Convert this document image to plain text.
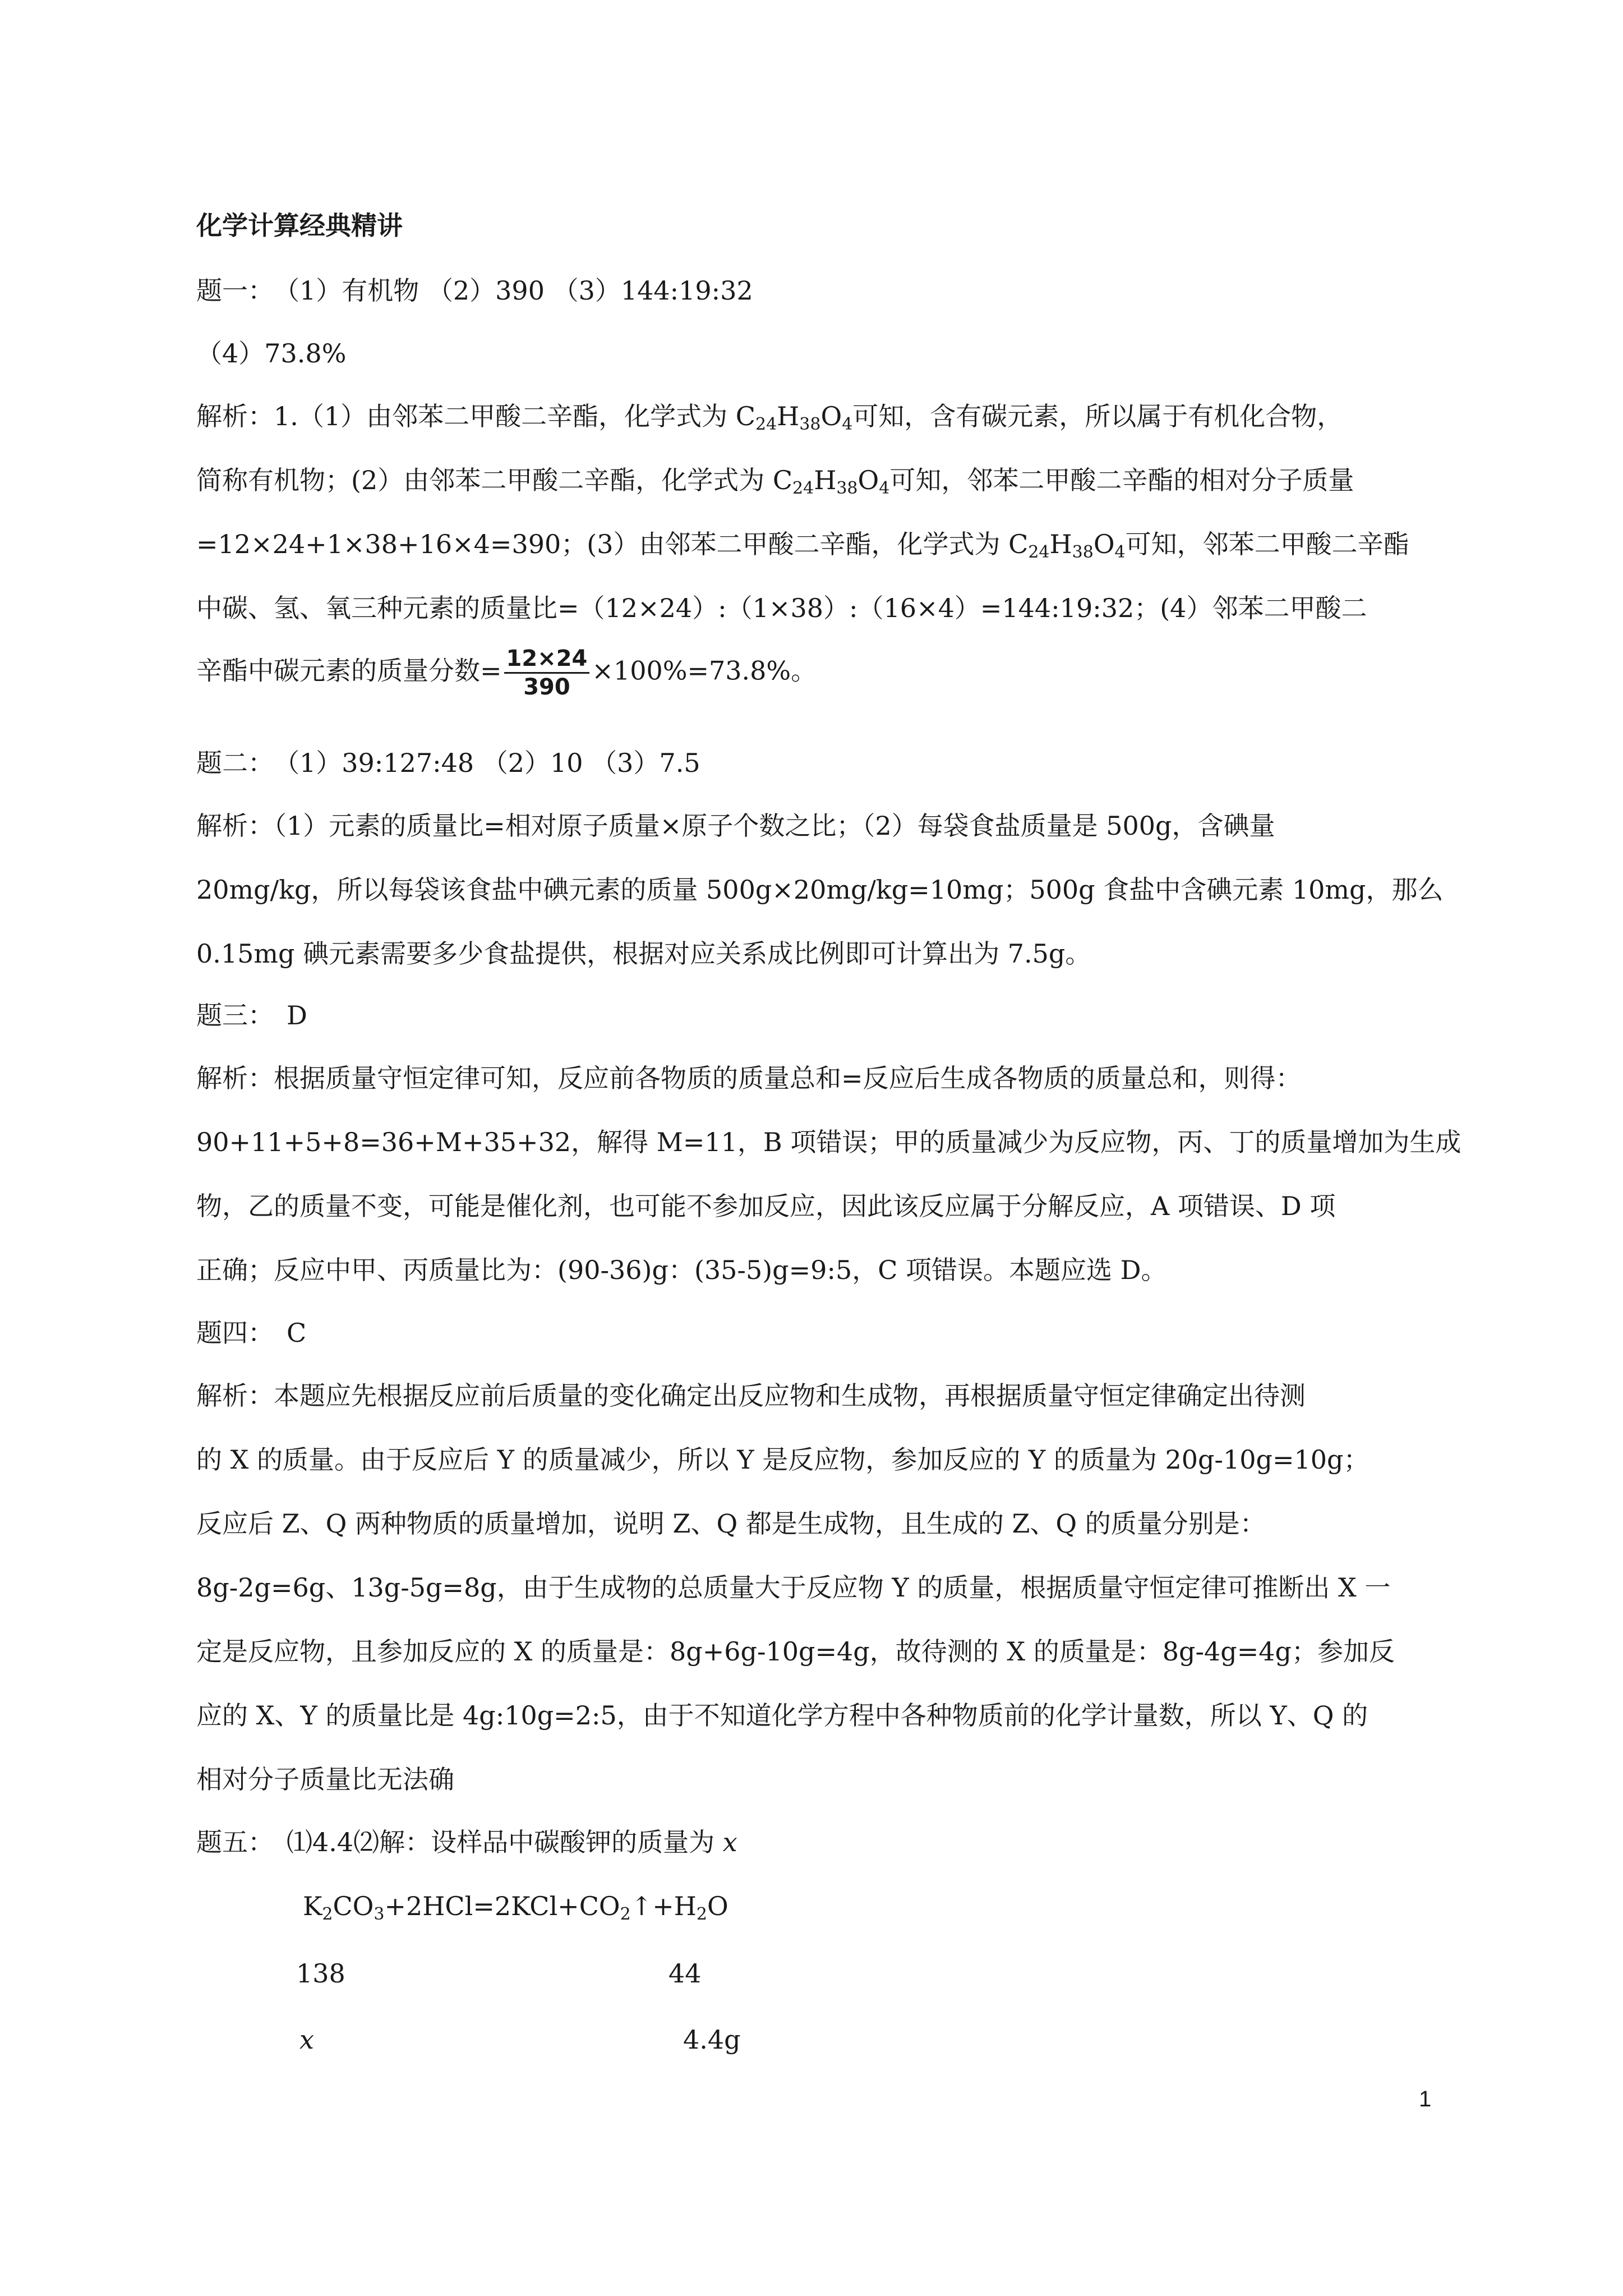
化学计算经典精讲
题一：　（1）有机物 （2）390 （3）144:19:32
（4）73.8%
解析：1.（1）由邻苯二甲酸二辛酯，化学式为 $C_{24}H_{38}O_4$可知，含有碳元素，所以属于有机化合物，
简称有机物；(2）由邻苯二甲酸二辛酯，化学式为 $C_{24}H_{38}O_4$可知，邻苯二甲酸二辛酯的相对分子质量
=12×24+1×38+16×4=390；(3）由邻苯二甲酸二辛酯，化学式为 $C_{24}H_{38}O_4$可知，邻苯二甲酸二辛酯
中碳、氢、氧三种元素的质量比=（12×24）:（1×38）:（16×4）=144:19:32；(4）邻苯二甲酸二
辛酯中碳元素的质量分数= $\frac{12\times 24}{390} \times 100\%=73.8\%$。
题二：　（1）39:127:48 （2）10 （3）7.5
解析：（1）元素的质量比=相对原子质量×原子个数之比；（2）每袋食盐质量是 500g，含碘量
20mg/kg，所以每袋该食盐中碘元素的质量 500g×20mg/kg=10mg；500g 食盐中含碘元素 10mg，那么
0.15mg 碘元素需要多少食盐提供，根据对应关系成比例即可计算出为 7.5g。
题三：　D
解析：根据质量守恒定律可知，反应前各物质的质量总和=反应后生成各物质的质量总和，则得：
90+11+5+8=36+M+35+32，解得 M=11，B 项错误；甲的质量减少为反应物，丙、丁的质量增加为生成
物，乙的质量不变，可能是催化剂，也可能不参加反应，因此该反应属于分解反应，A 项错误、D 项
正确；反应中甲、丙质量比为：(90-36)g：(35-5)g=9:5，C 项错误。本题应选 D。
题四：　C
解析：本题应先根据反应前后质量的变化确定出反应物和生成物，再根据质量守恒定律确定出待测
的 X 的质量。由于反应后 Y 的质量减少，所以 Y 是反应物，参加反应的 Y 的质量为 20g-10g=10g；
反应后 Z、Q 两种物质的质量增加，说明 Z、Q 都是生成物，且生成的 Z、Q 的质量分别是：
8g-2g=6g、13g-5g=8g，由于生成物的总质量大于反应物 Y 的质量，根据质量守恒定律可推断出 X 一
定是反应物，且参加反应的 X 的质量是：8g+6g-10g=4g，故待测的 X 的质量是：8g-4g=4g；参加反
应的 X、Y 的质量比是 4g:10g=2:5，由于不知道化学方程中各种物质前的化学计量数，所以 Y、Q 的
相对分子质量比无法确
题五：　⑴4.4⑵解：设样品中碳酸钾的质量为 x
$K_2CO_3+2HCl=2KCl+CO_2↑+H_2O$
138	44
x	4.4g
1
